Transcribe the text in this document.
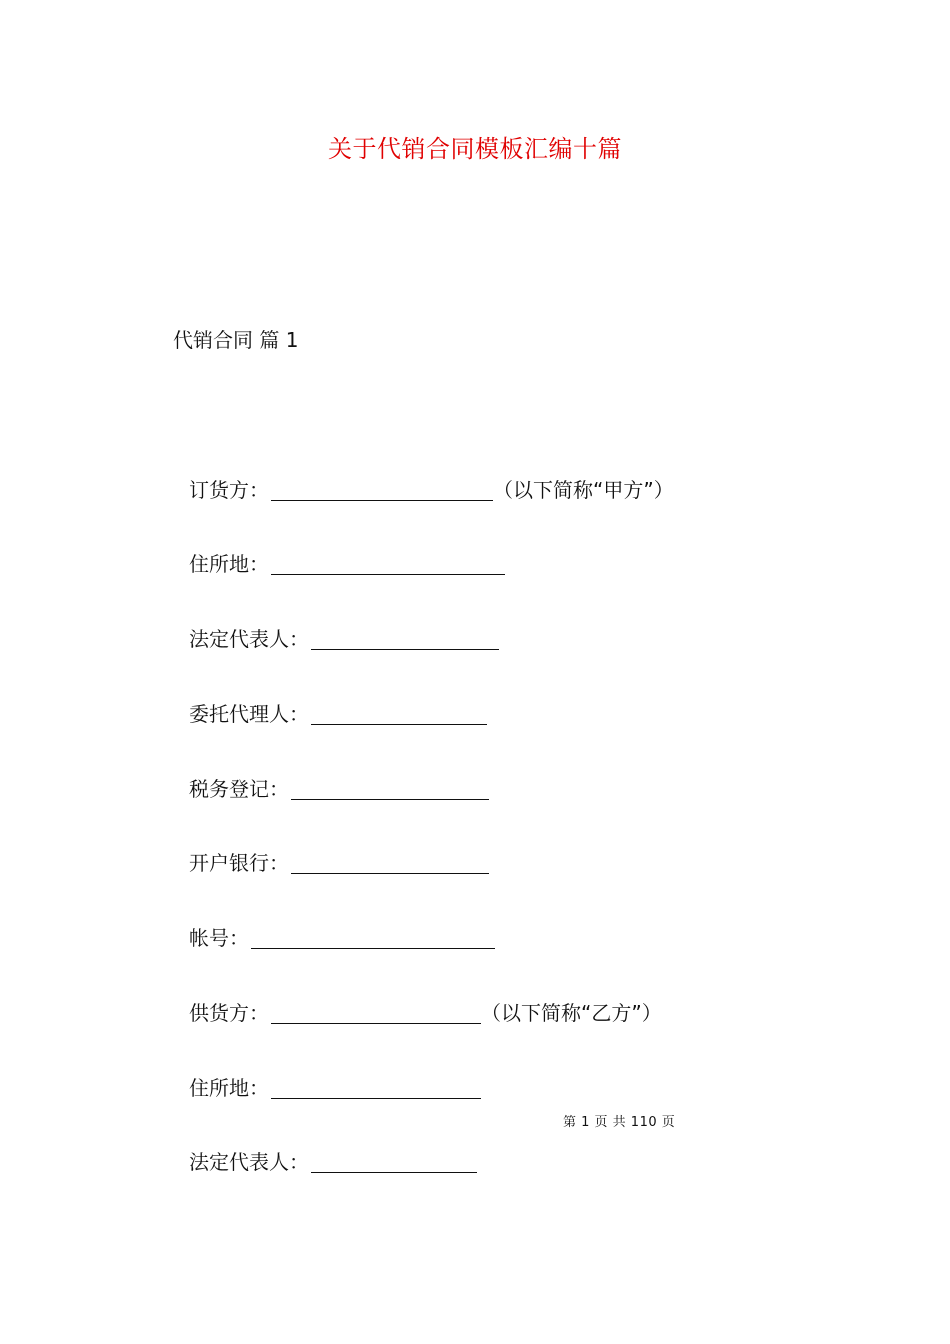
关于代销合同模板汇编十篇
代销合同 篇 1
订货方：	（以下简称“甲方”）
住所地：
法定代表人：
委托代理人：
税务登记：
开户银行：
帐号：
供货方：	（以下简称“乙方”）
住所地：
第 1 页 共 110 页
法定代表人：
